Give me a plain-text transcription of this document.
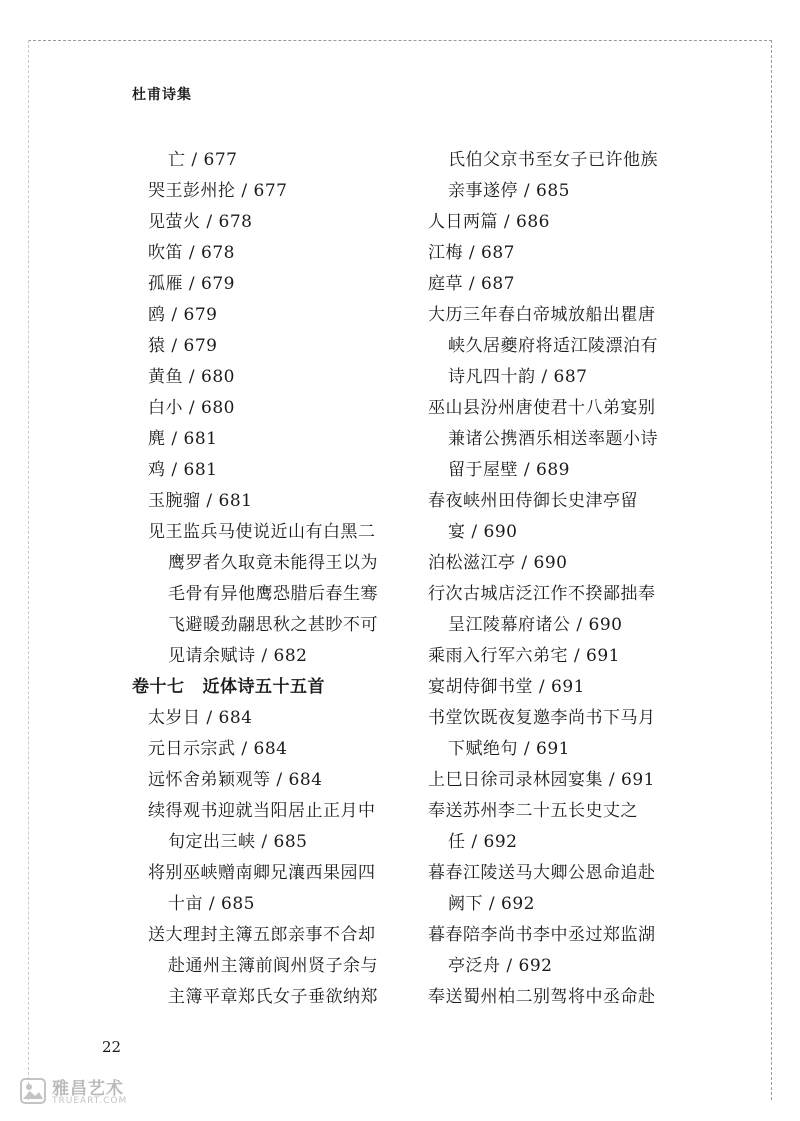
杜甫诗集
亡 / 677
哭王彭州抡 / 677
见萤火 / 678
吹笛 / 678
孤雁 / 679
鸥 / 679
猿 / 679
黄鱼 / 680
白小 / 680
麂 / 681
鸡 / 681
玉腕骝 / 681
见王监兵马使说近山有白黑二
鹰罗者久取竟未能得王以为
毛骨有异他鹰恐腊后春生骞
飞避暖劲翮思秋之甚眇不可
见请余赋诗 / 682
卷十七 近体诗五十五首
太岁日 / 684
元日示宗武 / 684
远怀舍弟颖观等 / 684
续得观书迎就当阳居止正月中
旬定出三峡 / 685
将别巫峡赠南卿兄瀼西果园四
十亩 / 685
送大理封主簿五郎亲事不合却
赴通州主簿前阆州贤子余与
主簿平章郑氏女子垂欲纳郑
氏伯父京书至女子已许他族
亲事遂停 / 685
人日两篇 / 686
江梅 / 687
庭草 / 687
大历三年春白帝城放船出瞿唐
峡久居夔府将适江陵漂泊有
诗凡四十韵 / 687
巫山县汾州唐使君十八弟宴别
兼诸公携酒乐相送率题小诗
留于屋壁 / 689
春夜峡州田侍御长史津亭留
宴 / 690
泊松滋江亭 / 690
行次古城店泛江作不揆鄙拙奉
呈江陵幕府诸公 / 690
乘雨入行军六弟宅 / 691
宴胡侍御书堂 / 691
书堂饮既夜复邀李尚书下马月
下赋绝句 / 691
上巳日徐司录林园宴集 / 691
奉送苏州李二十五长史丈之
任 / 692
暮春江陵送马大卿公恩命追赴
阙下 / 692
暮春陪李尚书李中丞过郑监湖
亭泛舟 / 692
奉送蜀州柏二别驾将中丞命赴
22
雅昌艺术
TRUEART.COM
